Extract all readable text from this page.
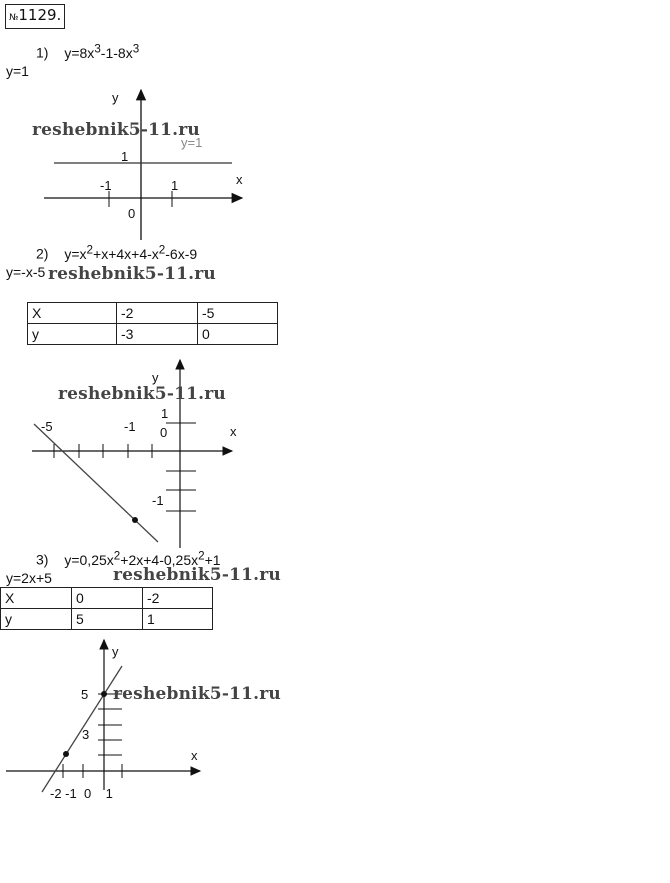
№1129.
1) $y=8x^3-1-8x^3$
y=1
y
x
-1	1
1
0
y=1
reshebnik5-11.ru
2) $y=x^2+x+4x+4-x^2-6x-9$
y=-x-5 reshebnik5-11.ru
X	-2	-5
y	-3	0
y
x
-5	-1
1
0
-1
reshebnik5-11.ru
3) $y=0,25x^2+2x+4-0,25x^2+1$
y=2x+5	reshebnik5-11.ru
X	0	-2
y	5	1
y
x
5
3
-2 -1  0    1
reshebnik5-11.ru
